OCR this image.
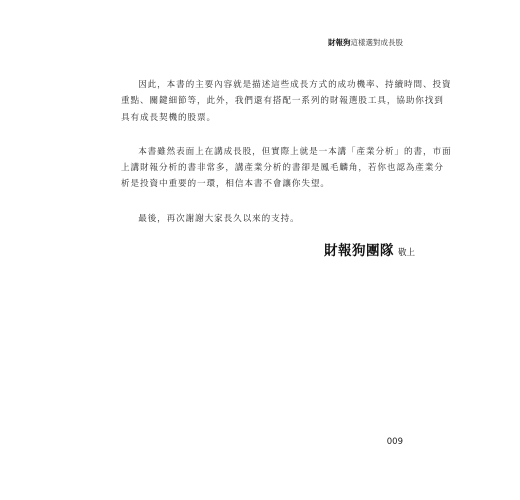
財報狗這樣選對成長股

因此，本書的主要內容就是描述這些成長方式的成功機率、持續時間、投資
重點、關鍵細節等，此外，我們還有搭配一系列的財報選股工具，協助你找到
具有成長契機的股票。

本書雖然表面上在講成長股，但實際上就是一本講「產業分析」的書，市面
上講財報分析的書非常多，講產業分析的書卻是鳳毛麟角，若你也認為產業分
析是投資中重要的一環，相信本書不會讓你失望。

最後，再次謝謝大家長久以來的支持。

財報狗團隊 敬上
009
